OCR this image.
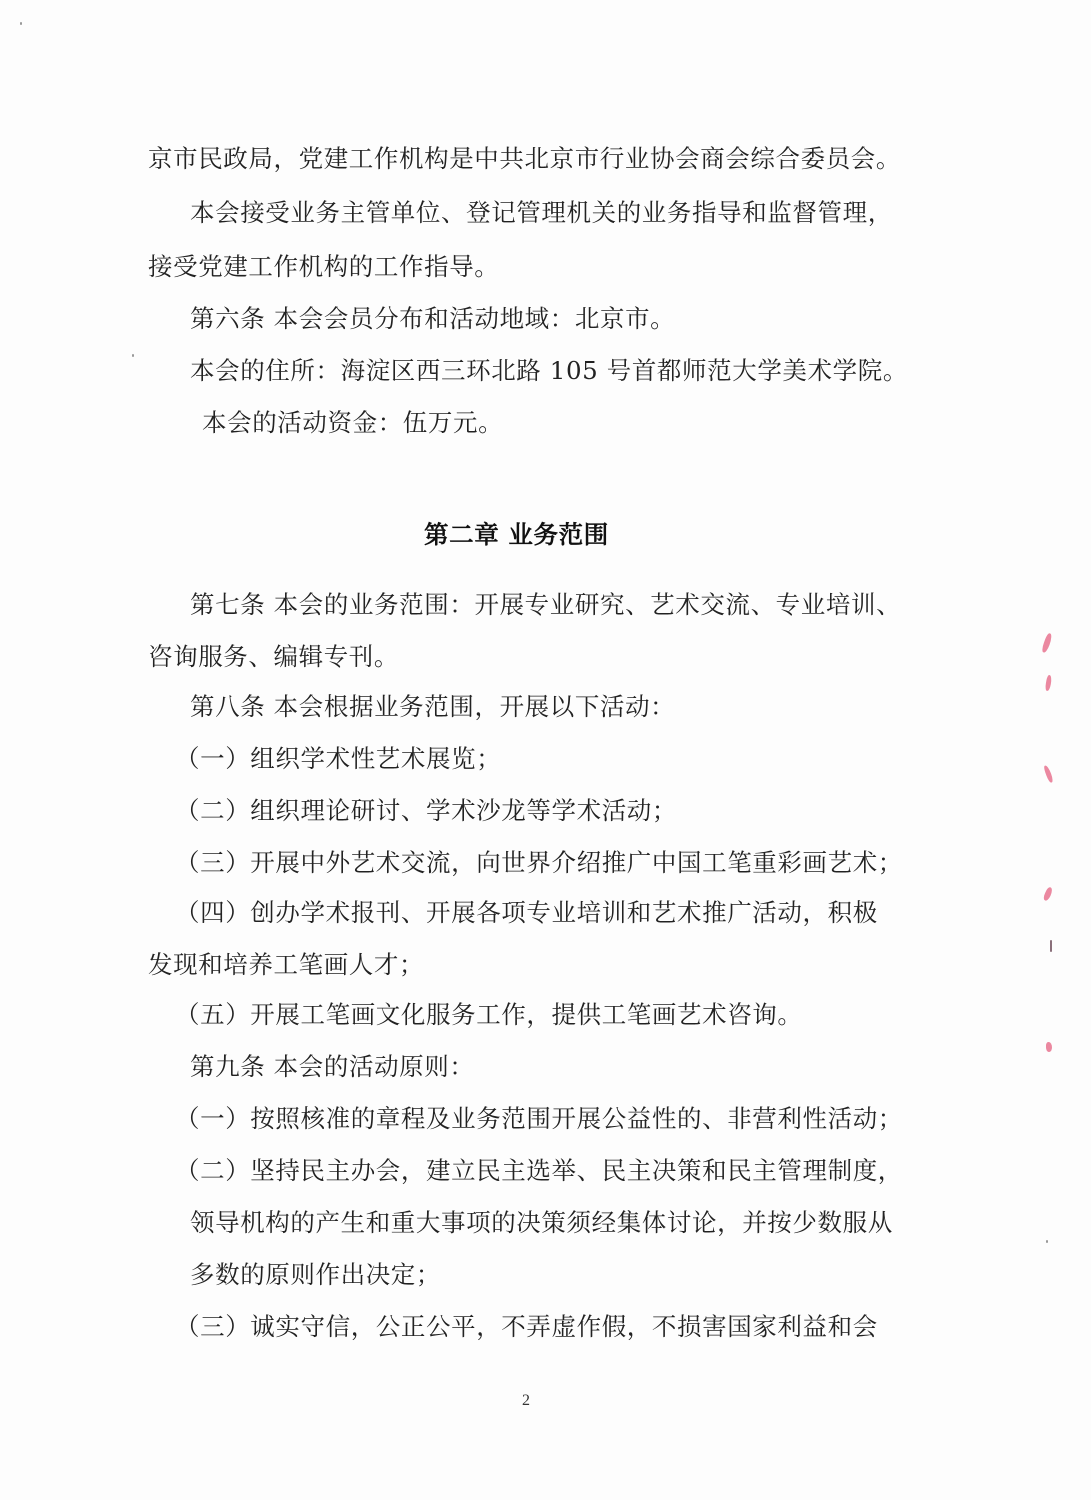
京市民政局，党建工作机构是中共北京市行业协会商会综合委员会。
本会接受业务主管单位、登记管理机关的业务指导和监督管理，
接受党建工作机构的工作指导。
第六条 本会会员分布和活动地域：北京市。
本会的住所：海淀区西三环北路 105 号首都师范大学美术学院。
本会的活动资金：伍万元。
第二章 业务范围
第七条 本会的业务范围：开展专业研究、艺术交流、专业培训、
咨询服务、编辑专刊。
第八条 本会根据业务范围，开展以下活动：
（一）组织学术性艺术展览；
（二）组织理论研讨、学术沙龙等学术活动；
（三）开展中外艺术交流，向世界介绍推广中国工笔重彩画艺术；
（四）创办学术报刊、开展各项专业培训和艺术推广活动，积极
发现和培养工笔画人才；
（五）开展工笔画文化服务工作，提供工笔画艺术咨询。
第九条 本会的活动原则：
（一）按照核准的章程及业务范围开展公益性的、非营利性活动；
（二）坚持民主办会，建立民主选举、民主决策和民主管理制度，
领导机构的产生和重大事项的决策须经集体讨论，并按少数服从
多数的原则作出决定；
（三）诚实守信，公正公平，不弄虚作假，不损害国家利益和会
2
